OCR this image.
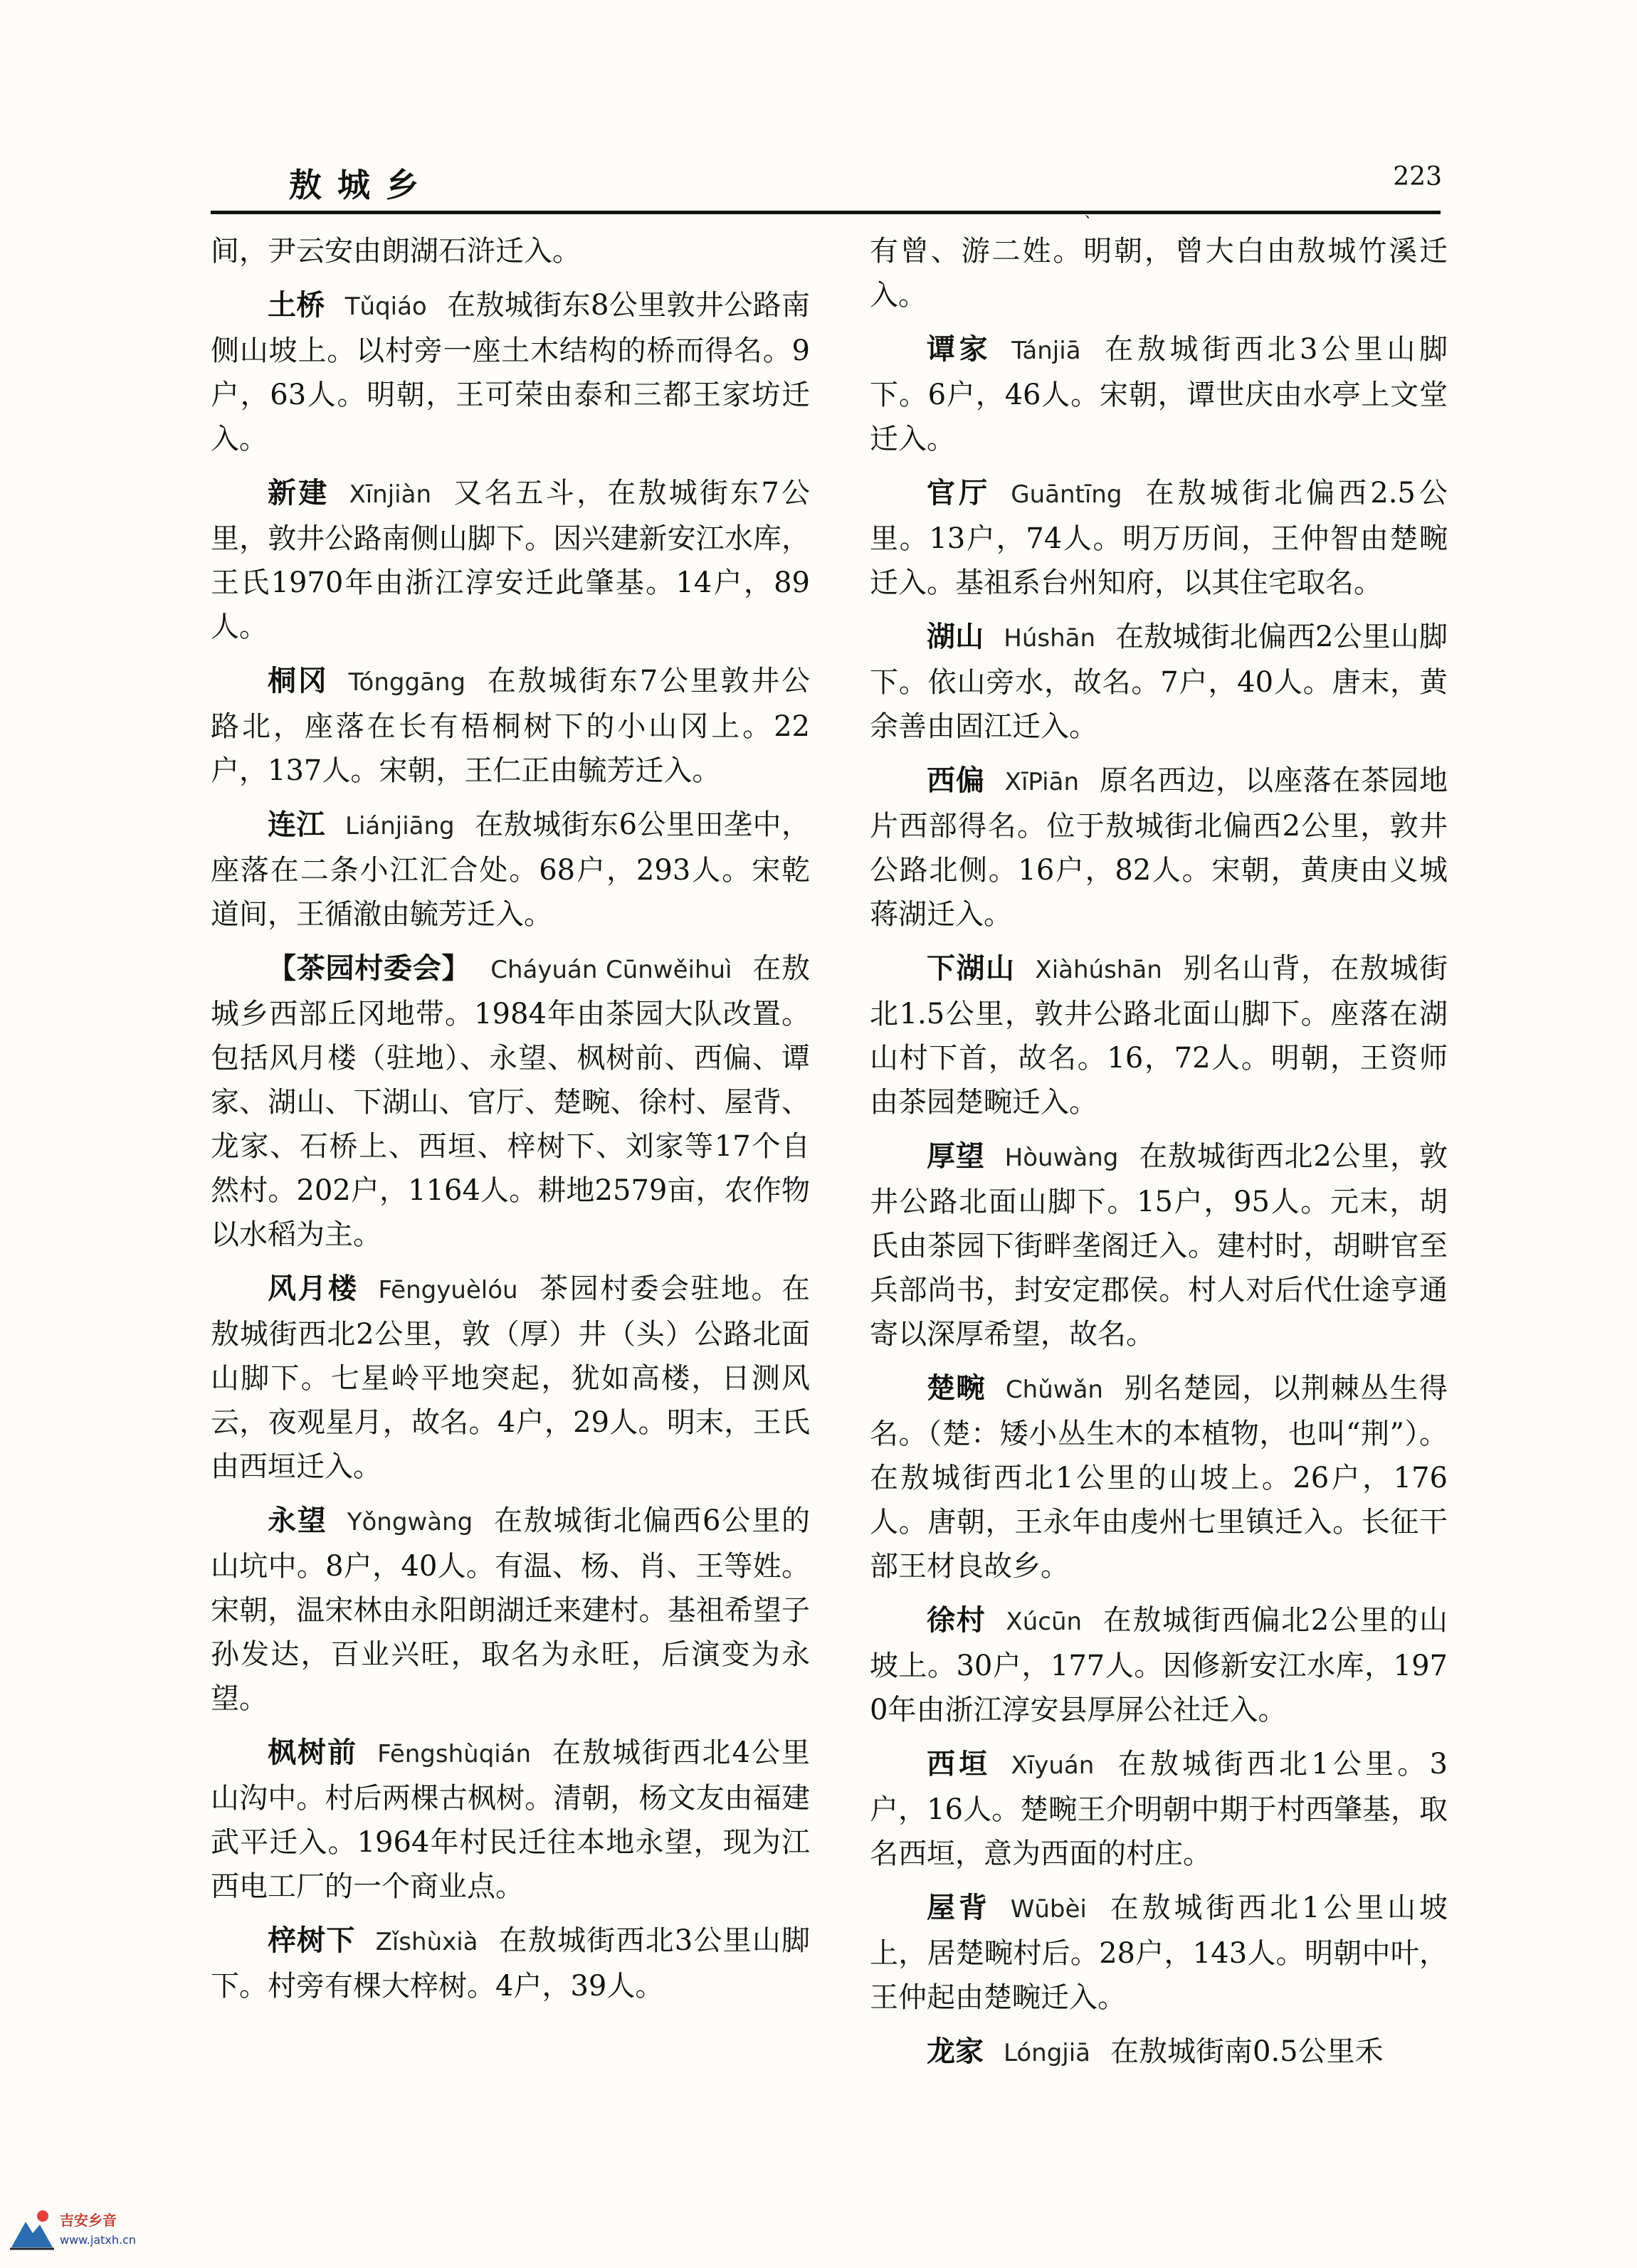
敖城乡	223
、

间，尹云安由朗湖石浒迁入。

土桥 Tǔqiáo 在敖城街东8公里敦井公路南侧山坡上。以村旁一座土木结构的桥而得名。9户，63人。明朝，王可荣由泰和三都王家坊迁入。

新建 Xīnjiàn 又名五斗，在敖城街东7公里，敦井公路南侧山脚下。因兴建新安江水库，王氏1970年由浙江淳安迁此肇基。14户，89人。

桐冈 Tónggāng 在敖城街东7公里敦井公路北，座落在长有梧桐树下的小山冈上。22户，137人。宋朝，王仁正由毓芳迁入。

连江 Liánjiāng 在敖城街东6公里田垄中，座落在二条小江汇合处。68户，293人。宋乾道间，王循澈由毓芳迁入。

【茶园村委会】 Cháyuán Cūnwěihuì 在敖城乡西部丘冈地带。1984年由茶园大队改置。包括风月楼（驻地）、永望、枫树前、西偏、谭家、湖山、下湖山、官厅、楚畹、徐村、屋背、龙家、石桥上、西垣、梓树下、刘家等17个自然村。202户，1164人。耕地2579亩，农作物以水稻为主。

风月楼 Fēngyuèlóu 茶园村委会驻地。在敖城街西北2公里，敦（厚）井（头）公路北面山脚下。七星岭平地突起，犹如高楼，日测风云，夜观星月，故名。4户，29人。明末，王氏由西垣迁入。

永望 Yǒngwàng 在敖城街北偏西6公里的山坑中。8户，40人。有温、杨、肖、王等姓。宋朝，温宋林由永阳朗湖迁来建村。基祖希望子孙发达，百业兴旺，取名为永旺，后演变为永望。

枫树前 Fēngshùqián 在敖城街西北4公里山沟中。村后两棵古枫树。清朝，杨文友由福建武平迁入。1964年村民迁往本地永望，现为江西电工厂的一个商业点。

梓树下 Zǐshùxià 在敖城街西北3公里山脚下。村旁有棵大梓树。4户，39人。

有曾、游二姓。明朝，曾大白由敖城竹溪迁入。

谭家 Tánjiā 在敖城街西北3公里山脚下。6户，46人。宋朝，谭世庆由水亭上文堂迁入。

官厅 Guāntīng 在敖城街北偏西2.5公里。13户，74人。明万历间，王仲智由楚畹迁入。基祖系台州知府，以其住宅取名。

湖山 Húshān 在敖城街北偏西2公里山脚下。依山旁水，故名。7户，40人。唐末，黄余善由固江迁入。

西偏 XīPiān 原名西边，以座落在茶园地片西部得名。位于敖城街北偏西2公里，敦井公路北侧。16户，82人。宋朝，黄庚由义城蒋湖迁入。

下湖山 Xiàhúshān 别名山背，在敖城街北1.5公里，敦井公路北面山脚下。座落在湖山村下首，故名。16，72人。明朝，王资师由茶园楚畹迁入。

厚望 Hòuwàng 在敖城街西北2公里，敦井公路北面山脚下。15户，95人。元末，胡氏由茶园下街畔垄阁迁入。建村时，胡畊官至兵部尚书，封安定郡侯。村人对后代仕途亨通寄以深厚希望，故名。

楚畹 Chǔwǎn 别名楚园，以荆棘丛生得名。（楚：矮小丛生木的本植物，也叫“荆”）。在敖城街西北1公里的山坡上。26户，176人。唐朝，王永年由虔州七里镇迁入。长征干部王材良故乡。

徐村 Xúcūn 在敖城街西偏北2公里的山坡上。30户，177人。因修新安江水库，1970年由浙江淳安县厚屏公社迁入。

西垣 Xīyuán 在敖城街西北1公里。3户，16人。楚畹王介明朝中期于村西肇基，取名西垣，意为西面的村庄。

屋背 Wūbèi 在敖城街西北1公里山坡上，居楚畹村后。28户，143人。明朝中叶，王仲起由楚畹迁入。

龙家 Lóngjiā 在敖城街南0.5公里禾

吉安乡音
www.jatxh.cn
